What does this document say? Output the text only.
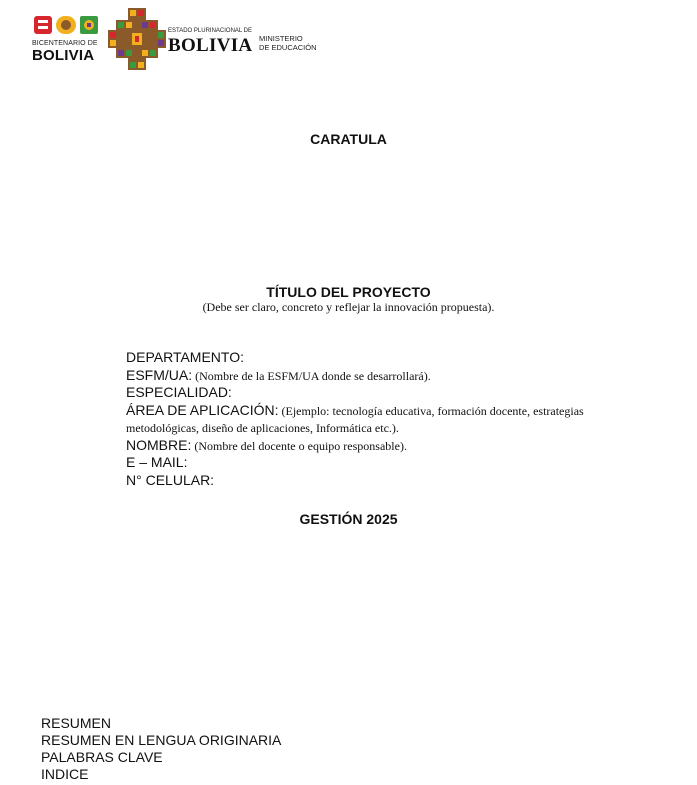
BICENTENARIO DE
BOLIVIA
ESTADO PLURINACIONAL DE
BOLIVIA MINISTERIO
DE EDUCACIÓN
CARATULA
TÍTULO DEL PROYECTO
(Debe ser claro, concreto y reflejar la innovación propuesta).
DEPARTAMENTO:
ESFM/UA: (Nombre de la ESFM/UA donde se desarrollará).
ESPECIALIDAD:
ÁREA DE APLICACIÓN: (Ejemplo: tecnología educativa, formación docente, estrategias metodológicas, diseño de aplicaciones, Informática etc.).
NOMBRE: (Nombre del docente o equipo responsable).
E – MAIL:
N° CELULAR:
GESTIÓN 2025
RESUMEN
RESUMEN EN LENGUA ORIGINARIA
PALABRAS CLAVE
INDICE
